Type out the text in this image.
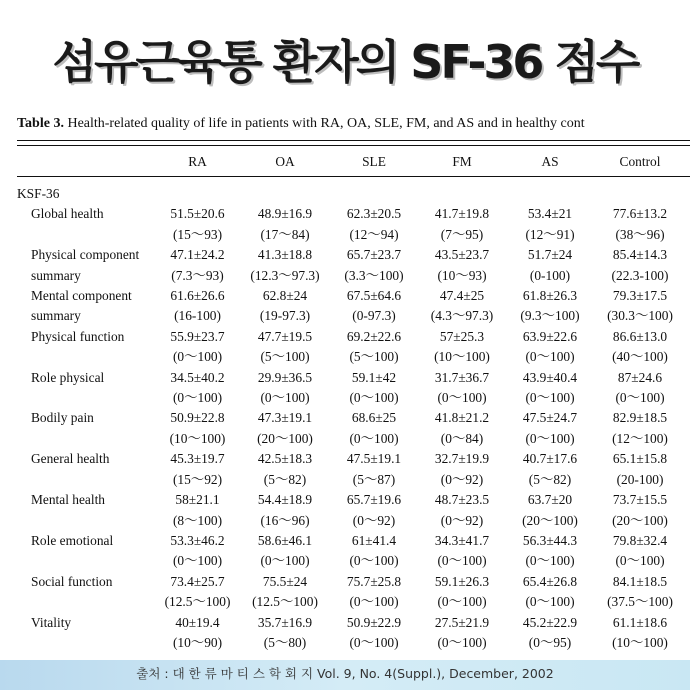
섬유근육통 환자의 SF-36 점수
Table 3. Health-related quality of life in patients with RA, OA, SLE, FM, and AS and in healthy cont
	RA	OA	SLE	FM	AS	Control

KSF-36						
Global health	51.5±20.6	48.9±16.9	62.3±20.5	41.7±19.8	53.4±21	77.6±13.2
	(15～93)	(17～84)	(12～94)	(7～95)	(12～91)	(38～96)
Physical component	47.1±24.2	41.3±18.8	65.7±23.7	43.5±23.7	51.7±24	85.4±14.3
summary	(7.3～93)	(12.3～97.3)	(3.3～100)	(10～93)	(0-100)	(22.3-100)
Mental component	61.6±26.6	62.8±24	67.5±64.6	47.4±25	61.8±26.3	79.3±17.5
summary	(16-100)	(19-97.3)	(0-97.3)	(4.3～97.3)	(9.3～100)	(30.3～100)
Physical function	55.9±23.7	47.7±19.5	69.2±22.6	57±25.3	63.9±22.6	86.6±13.0
	(0～100)	(5～100)	(5～100)	(10～100)	(0～100)	(40～100)
Role physical	34.5±40.2	29.9±36.5	59.1±42	31.7±36.7	43.9±40.4	87±24.6
	(0～100)	(0～100)	(0～100)	(0～100)	(0～100)	(0～100)
Bodily pain	50.9±22.8	47.3±19.1	68.6±25	41.8±21.2	47.5±24.7	82.9±18.5
	(10～100)	(20～100)	(0～100)	(0～84)	(0～100)	(12～100)
General health	45.3±19.7	42.5±18.3	47.5±19.1	32.7±19.9	40.7±17.6	65.1±15.8
	(15～92)	(5～82)	(5～87)	(0～92)	(5～82)	(20-100)
Mental health	58±21.1	54.4±18.9	65.7±19.6	48.7±23.5	63.7±20	73.7±15.5
	(8～100)	(16～96)	(0～92)	(0～92)	(20～100)	(20～100)
Role emotional	53.3±46.2	58.6±46.1	61±41.4	34.3±41.7	56.3±44.3	79.8±32.4
	(0～100)	(0～100)	(0～100)	(0～100)	(0～100)	(0～100)
Social function	73.4±25.7	75.5±24	75.7±25.8	59.1±26.3	65.4±26.8	84.1±18.5
	(12.5～100)	(12.5～100)	(0～100)	(0～100)	(0～100)	(37.5～100)
Vitality	40±19.4	35.7±16.9	50.9±22.9	27.5±21.9	45.2±22.9	61.1±18.6
	(10～90)	(5～80)	(0～100)	(0～100)	(0～95)	(10～100)
출처 : 대 한 류 마 티 스 학 회 지 Vol. 9, No. 4(Suppl.), December, 2002
